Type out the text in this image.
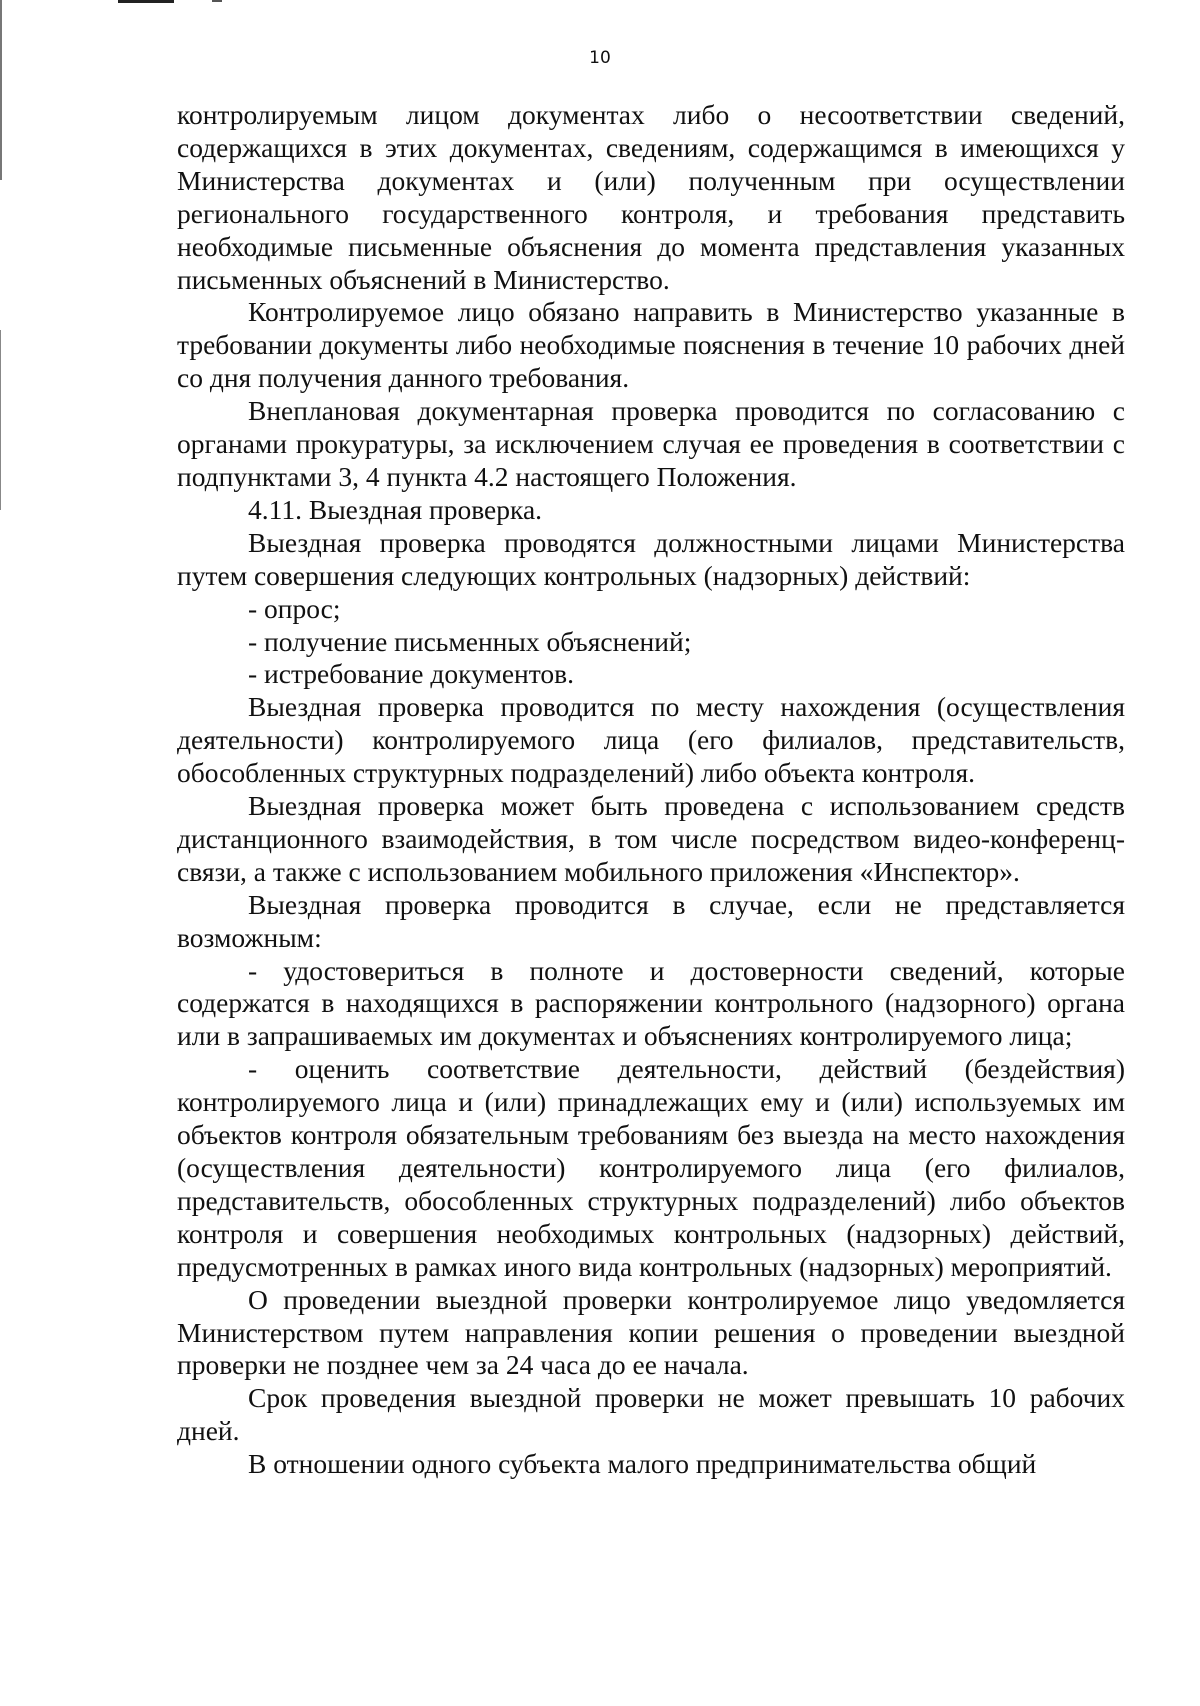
10

контролируемым лицом документах либо о несоответствии сведений, содержащихся в этих документах, сведениям, содержащимся в имеющихся у Министерства документах и (или) полученным при осуществлении регионального государственного контроля, и требования представить необходимые письменные объяснения до момента представления указанных письменных объяснений в Министерство.

Контролируемое лицо обязано направить в Министерство указанные в требовании документы либо необходимые пояснения в течение 10 рабочих дней со дня получения данного требования.

Внеплановая документарная проверка проводится по согласованию с органами прокуратуры, за исключением случая ее проведения в соответствии с подпунктами 3, 4 пункта 4.2 настоящего Положения.

4.11. Выездная проверка.

Выездная проверка проводятся должностными лицами Министерства путем совершения следующих контрольных (надзорных) действий:

- опрос;

- получение письменных объяснений;

- истребование документов.

Выездная проверка проводится по месту нахождения (осуществления деятельности) контролируемого лица (его филиалов, представительств, обособленных структурных подразделений) либо объекта контроля.

Выездная проверка может быть проведена с использованием средств дистанционного взаимодействия, в том числе посредством видео-конференц-связи, а также с использованием мобильного приложения «Инспектор».

Выездная проверка проводится в случае, если не представляется возможным:

- удостовериться в полноте и достоверности сведений, которые содержатся в находящихся в распоряжении контрольного (надзорного) органа или в запрашиваемых им документах и объяснениях контролируемого лица;

- оценить соответствие деятельности, действий (бездействия) контролируемого лица и (или) принадлежащих ему и (или) используемых им объектов контроля обязательным требованиям без выезда на место нахождения (осуществления деятельности) контролируемого лица (его филиалов, представительств, обособленных структурных подразделений) либо объектов контроля и совершения необходимых контрольных (надзорных) действий, предусмотренных в рамках иного вида контрольных (надзорных) мероприятий.

О проведении выездной проверки контролируемое лицо уведомляется Министерством путем направления копии решения о проведении выездной проверки не позднее чем за 24 часа до ее начала.

Срок проведения выездной проверки не может превышать 10 рабочих дней.

В отношении одного субъекта малого предпринимательства общий
